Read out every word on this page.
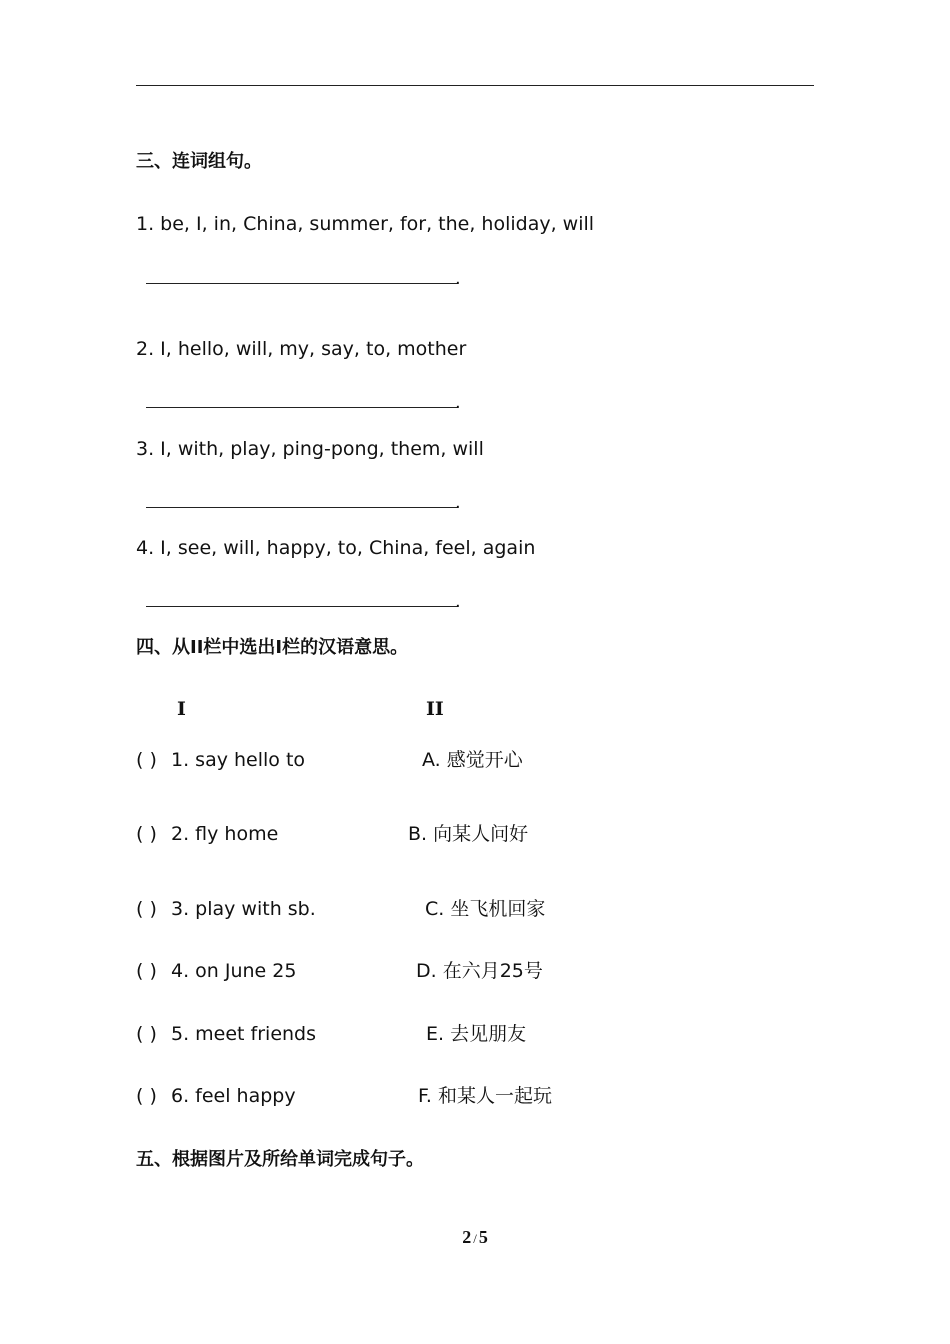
三、连词组句。
1. be, I, in, China, summer, for, the, holiday, will
.
2. I, hello, will, my, say, to, mother
.
3. I, with, play, ping-pong, them, will
.
4. I, see, will, happy, to, China, feel, again
.
四、从II栏中选出I栏的汉语意思。
I	II
( ) 1. say hello to	A. 感觉开心
( ) 2. fly home	B. 向某人问好
( ) 3. play with sb.	C. 坐飞机回家
( ) 4. on June 25	D. 在六月25号
( ) 5. meet friends	E. 去见朋友
( ) 6. feel happy	F. 和某人一起玩
五、根据图片及所给单词完成句子。
2 / 5
